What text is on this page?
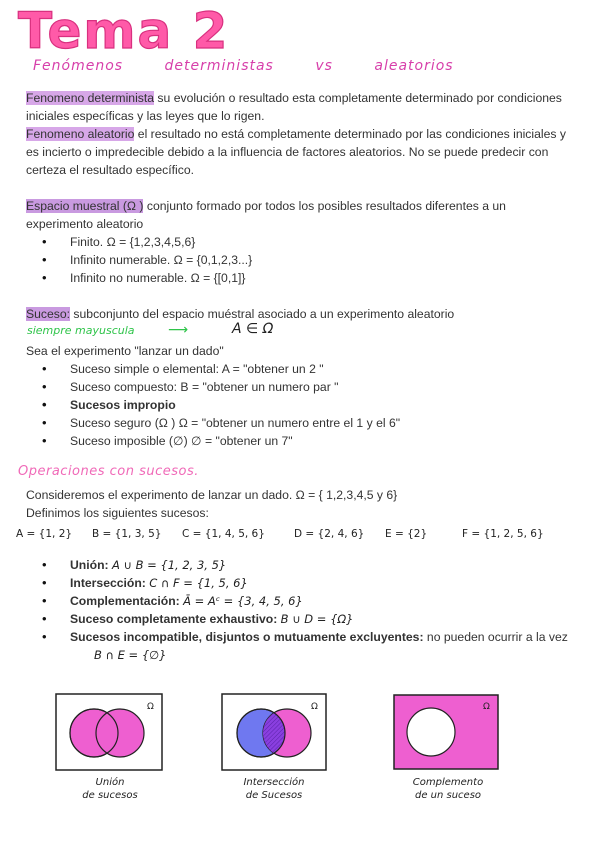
Tema 2
Fenómenos	deterministas	vs	aleatorios
Fenomeno determinista su evolución o resultado esta completamente determinado por condiciones iniciales específicas y las leyes que lo rigen.
Fenomeno aleatorio el resultado no está completamente determinado por las condiciones iniciales y es incierto o impredecible debido a la influencia de factores aleatorios. No se puede predecir con certeza el resultado específico.
Espacio muestral (Ω ) conjunto formado por todos los posibles resultados diferentes a un experimento aleatorio
• Finito. Ω = {1,2,3,4,5,6}
• Infinito numerable. Ω = {0,1,2,3...}
• Infinito no numerable. Ω = {[0,1]}
Suceso: subconjunto del espacio muéstral asociado a un experimento aleatorio
siempre mayuscula ⟶	A ∈ Ω
Sea el experimento "lanzar un dado"
• Suceso simple o elemental: A = "obtener un 2 "
• Suceso compuesto: B = "obtener un numero par "
• Sucesos impropio
• Suceso seguro (Ω ) Ω = "obtener un numero entre el 1 y el 6"
• Suceso imposible (∅) ∅ = "obtener un 7"
Operaciones con sucesos.
Consideremos el experimento de lanzar un dado. Ω = { 1,2,3,4,5 y 6}
Definimos los siguientes sucesos:
A = {1, 2} B = {1, 3, 5} C = {1, 4, 5, 6}	D = {2, 4, 6} E = {2}	F = {1, 2, 5, 6}
• Unión: A ∪ B = {1, 2, 3, 5}
• Intersección: C ∩ F = {1, 5, 6}
• Complementación: Ā = Aᶜ = {3, 4, 5, 6}
• Suceso completamente exhaustivo: B ∪ D = {Ω}
• Sucesos incompatible, disjuntos o mutuamente excluyentes: no pueden ocurrir a la vez B ∩ E = {∅}
Ω
Unión
de sucesos
Ω
Intersección
de Sucesos
Ω
Complemento
de un suceso
